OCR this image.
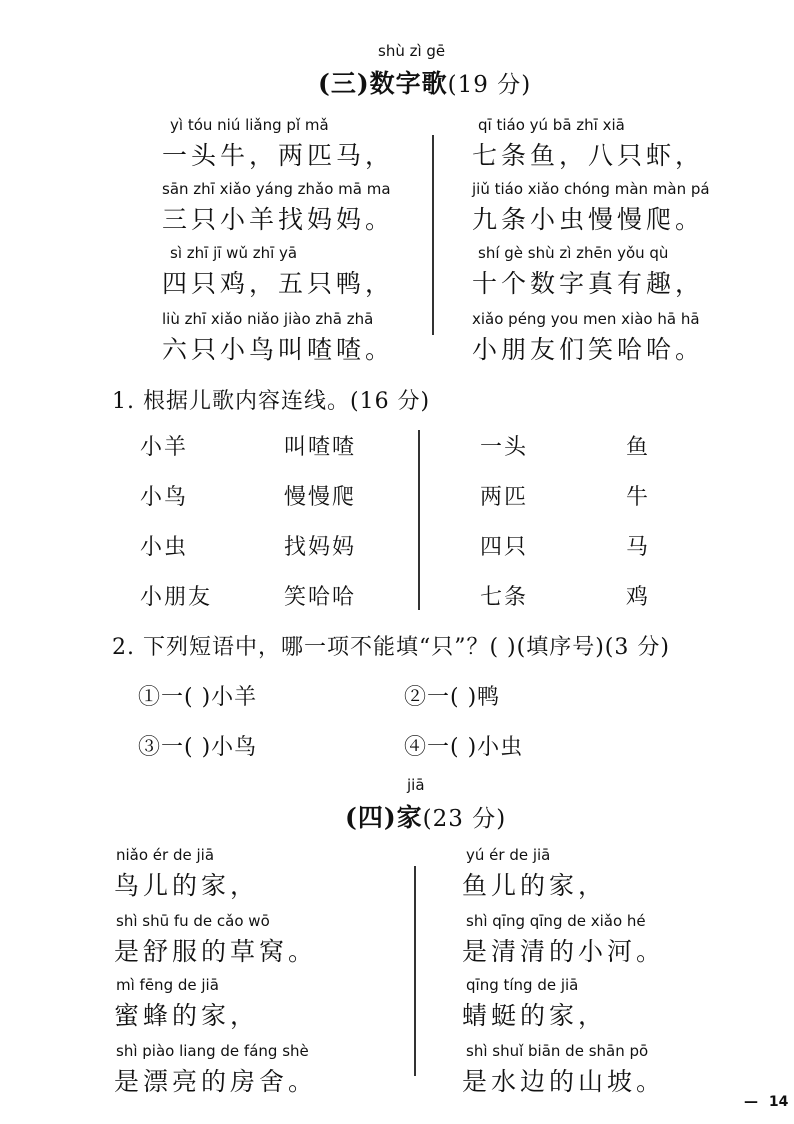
shù zì gē
(三)数字歌(19 分)
yì tóu niú liǎng pǐ mǎ
一头牛，两匹马，
sān zhī xiǎo yáng zhǎo mā ma
三只小羊找妈妈。
sì zhī jī wǔ zhī yā
四只鸡，五只鸭，
liù zhī xiǎo niǎo jiào zhā zhā
六只小鸟叫喳喳。
qī tiáo yú bā zhī xiā
七条鱼，八只虾，
jiǔ tiáo xiǎo chóng màn màn pá
九条小虫慢慢爬。
shí gè shù zì zhēn yǒu qù
十个数字真有趣，
xiǎo péng you men xiào hā hā
小朋友们笑哈哈。
1. 根据儿歌内容连线。(16 分)
小羊
小鸟
小虫
小朋友
叫喳喳
慢慢爬
找妈妈
笑哈哈
一头
两匹
四只
七条
鱼
牛
马
鸡
2. 下列短语中，哪一项不能填“只”？( )(填序号)(3 分)
①一( )小羊	②一( )鸭
③一( )小鸟	④一( )小虫
jiā
(四)家(23 分)
niǎo ér de jiā
鸟儿的家，
shì shū fu de cǎo wō
是舒服的草窝。
mì fēng de jiā
蜜蜂的家，
shì piào liang de fáng shè
是漂亮的房舍。
yú ér de jiā
鱼儿的家，
shì qīng qīng de xiǎo hé
是清清的小河。
qīng tíng de jiā
蜻蜓的家，
shì shuǐ biān de shān pō
是水边的山坡。
— 14
